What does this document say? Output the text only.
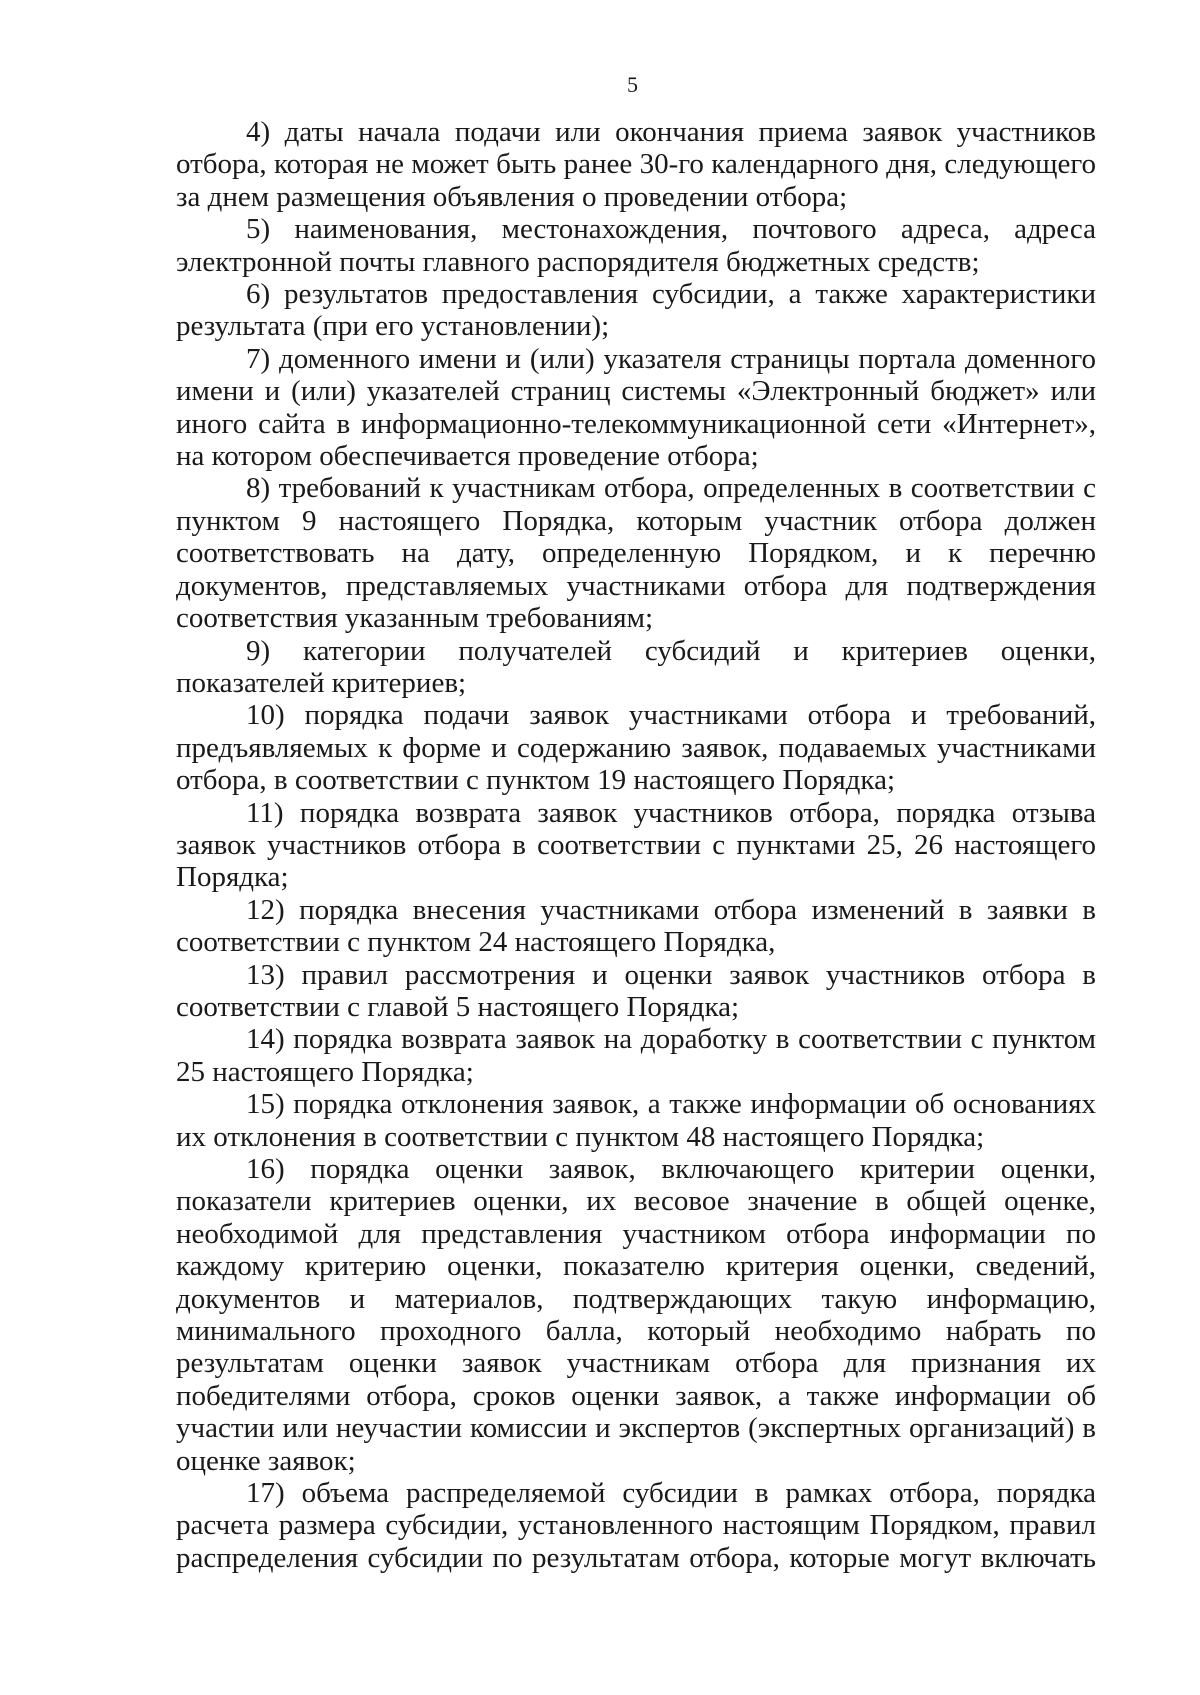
5

4) даты начала подачи или окончания приема заявок участников отбора, которая не может быть ранее 30-го календарного дня, следующего за днем размещения объявления о проведении отбора;

5) наименования, местонахождения, почтового адреса, адреса электронной почты главного распорядителя бюджетных средств;

6) результатов предоставления субсидии, а также характеристики результата (при его установлении);

7) доменного имени и (или) указателя страницы портала доменного имени и (или) указателей страниц системы «Электронный бюджет» или иного сайта в информационно-телекоммуникационной сети «Интернет», на котором обеспечивается проведение отбора;

8) требований к участникам отбора, определенных в соответствии с пунктом 9 настоящего Порядка, которым участник отбора должен соответствовать на дату, определенную Порядком, и к перечню документов, представляемых участниками отбора для подтверждения соответствия указанным требованиям;

9) категории получателей субсидий и критериев оценки, показателей критериев;

10) порядка подачи заявок участниками отбора и требований, предъявляемых к форме и содержанию заявок, подаваемых участниками отбора, в соответствии с пунктом 19 настоящего Порядка;

11) порядка возврата заявок участников отбора, порядка отзыва заявок участников отбора в соответствии с пунктами 25, 26 настоящего Порядка;

12) порядка внесения участниками отбора изменений в заявки в соответствии с пунктом 24 настоящего Порядка,

13) правил рассмотрения и оценки заявок участников отбора в соответствии с главой 5 настоящего Порядка;

14) порядка возврата заявок на доработку в соответствии с пунктом 25 настоящего Порядка;

15) порядка отклонения заявок, а также информации об основаниях их отклонения в соответствии с пунктом 48 настоящего Порядка;

16) порядка оценки заявок, включающего критерии оценки, показатели критериев оценки, их весовое значение в общей оценке, необходимой для представления участником отбора информации по каждому критерию оценки, показателю критерия оценки, сведений, документов и материалов, подтверждающих такую информацию, минимального проходного балла, который необходимо набрать по результатам оценки заявок участникам отбора для признания их победителями отбора, сроков оценки заявок, а также информации об участии или неучастии комиссии и экспертов (экспертных организаций) в оценке заявок;

17) объема распределяемой субсидии в рамках отбора, порядка расчета размера субсидии, установленного настоящим Порядком, правил распределения субсидии по результатам отбора, которые могут включать
